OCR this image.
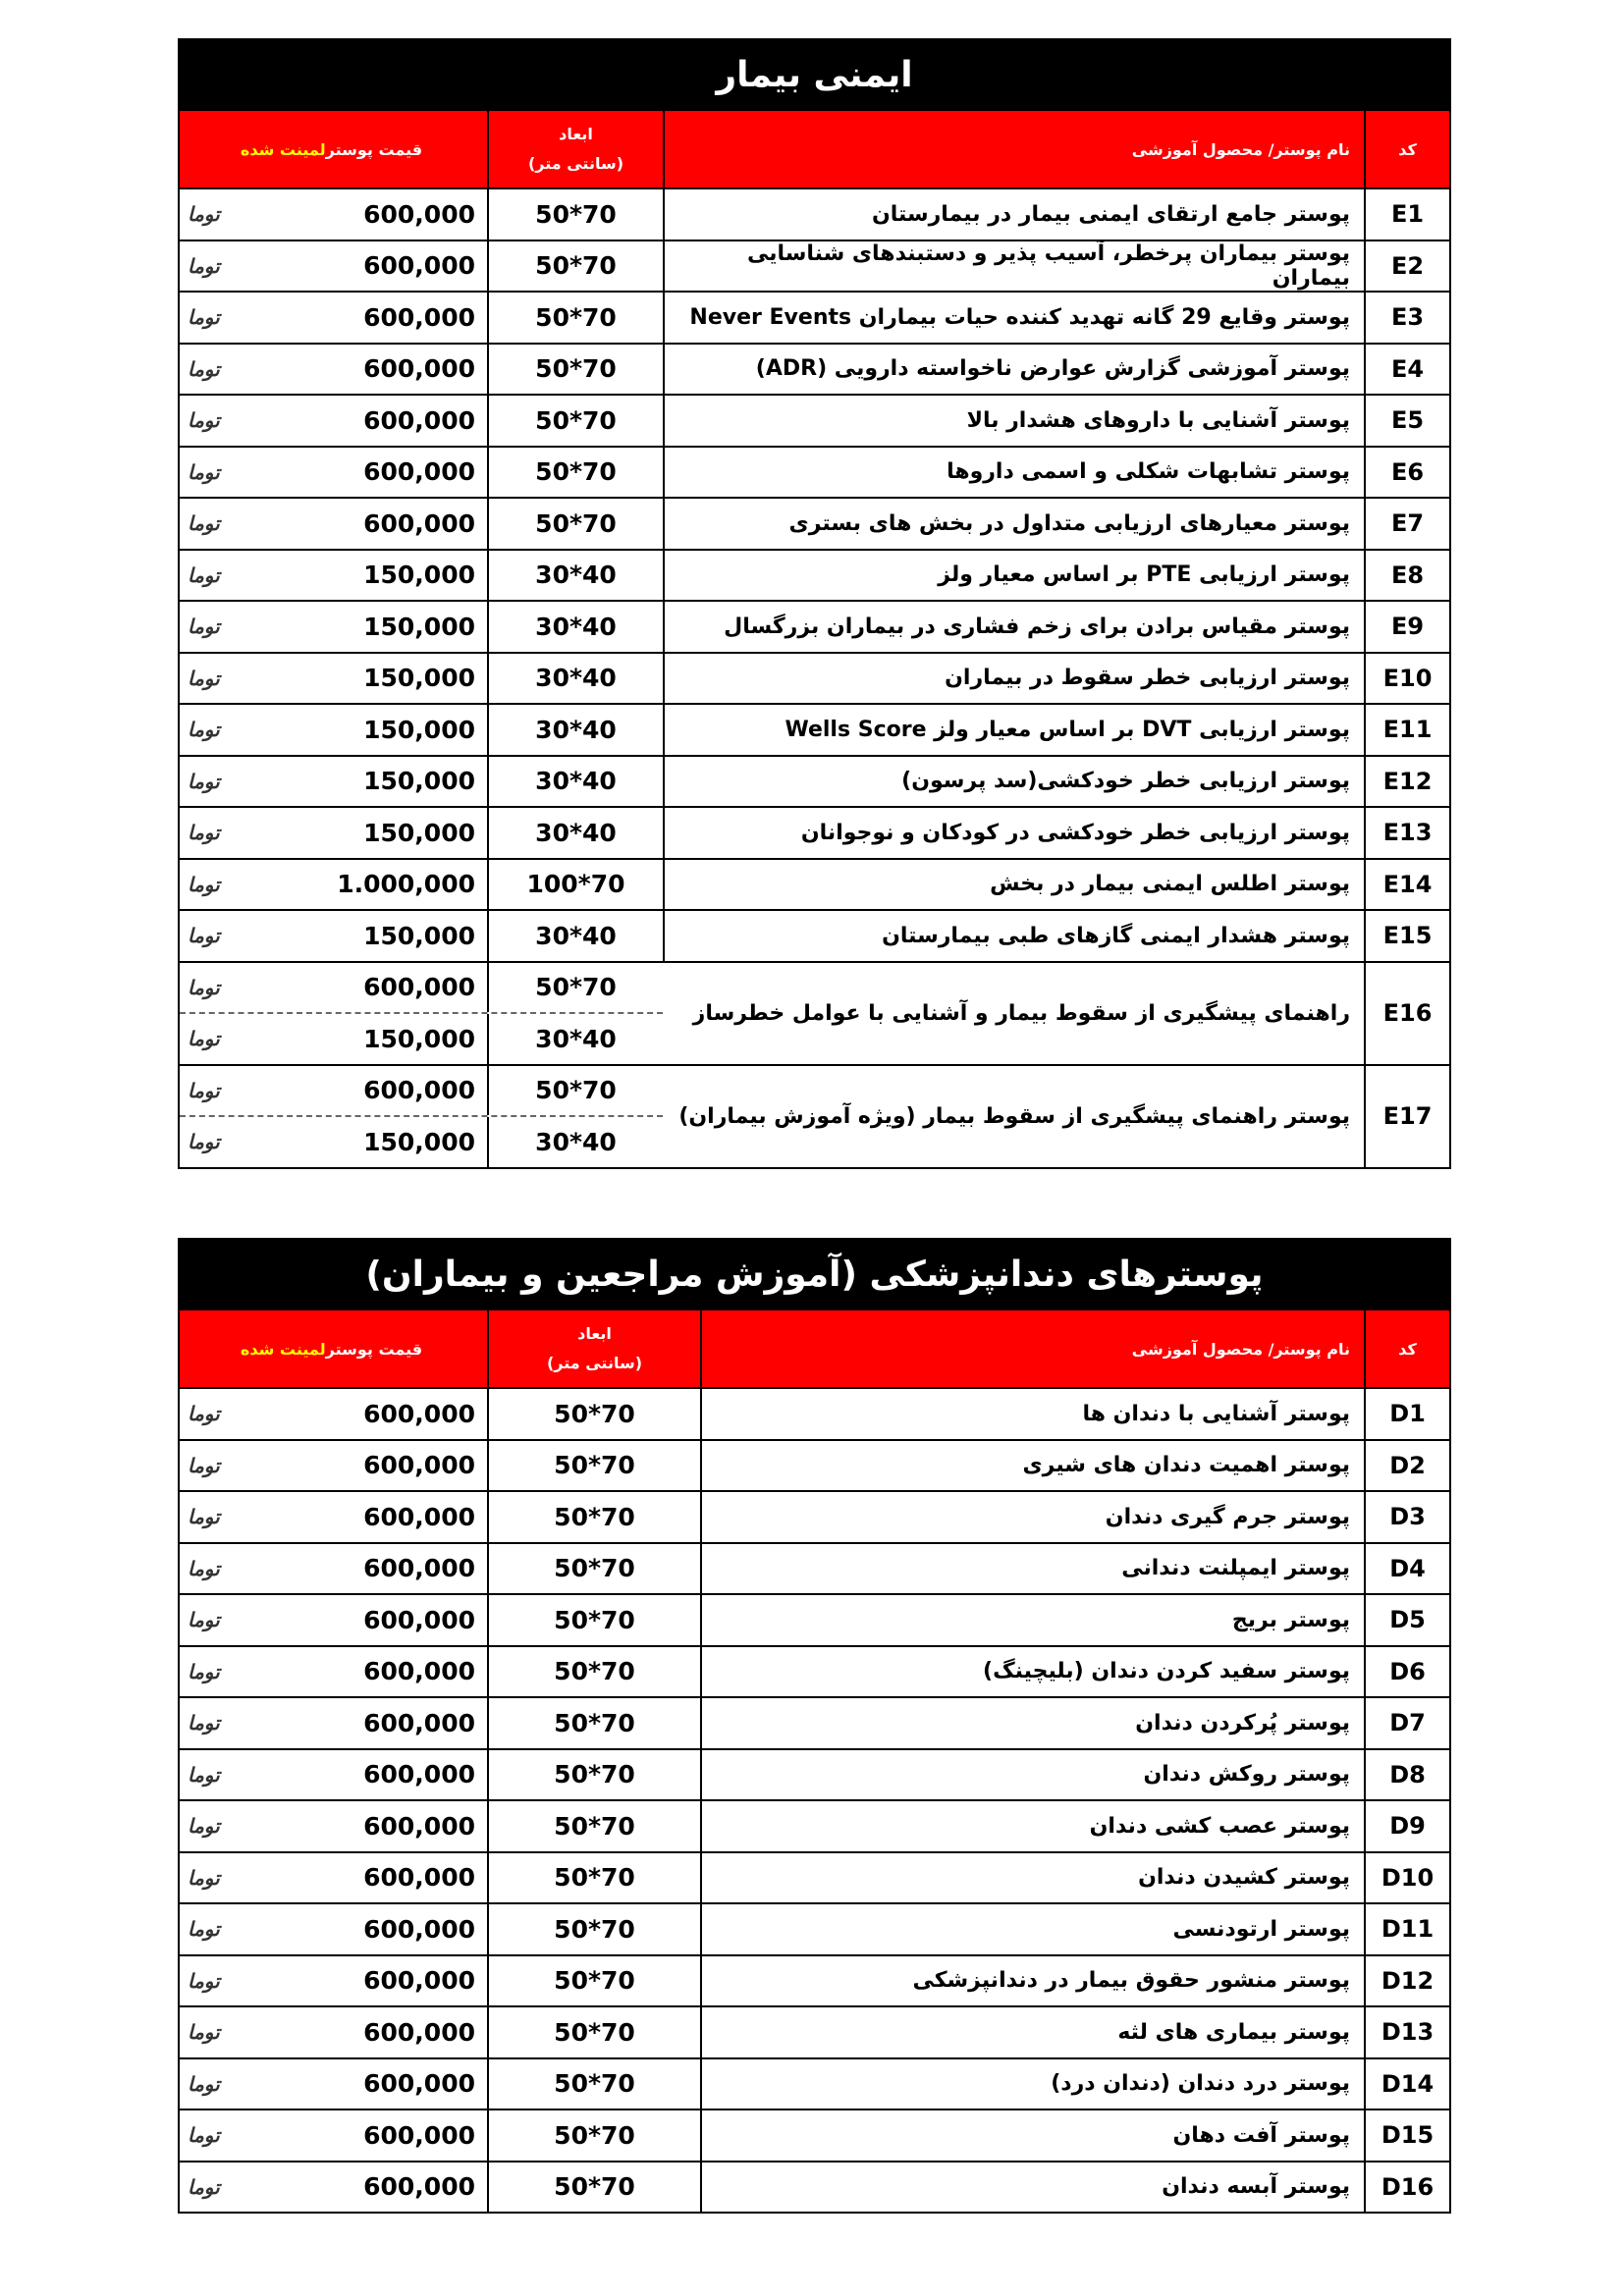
ایمنی بیمار
کد
نام پوستر/ محصول آموزشی
ابعاد
(سانتی متر)
قیمت پوستر
لمینت شده
E1
پوستر جامع ارتقای ایمنی بیمار در بیمارستان
50*70
توما	600,000
E2
پوستر بیماران پرخطر، آسیب پذیر و دستبندهای شناسایی بیماران
50*70
توما	600,000
E3
پوستر وقایع 29 گانه تهدید کننده حیات بیماران Never Events
50*70
توما	600,000
E4
پوستر آموزشی گزارش عوارض ناخواسته دارویی (ADR)
50*70
توما	600,000
E5
پوستر آشنایی با داروهای هشدار بالا
50*70
توما	600,000
E6
پوستر تشابهات شکلی و اسمی داروها
50*70
توما	600,000
E7
پوستر معیارهای ارزیابی متداول در بخش های بستری
50*70
توما	600,000
E8
پوستر ارزیابی PTE بر اساس معیار ولز
30*40
توما	150,000
E9
پوستر مقیاس برادن برای زخم فشاری در بیماران بزرگسال
30*40
توما	150,000
E10
پوستر ارزیابی خطر سقوط در بیماران
30*40
توما	150,000
E11
پوستر ارزیابی DVT بر اساس معیار ولز Wells Score
30*40
توما	150,000
E12
پوستر ارزیابی خطر خودکشی(سد پرسون)
30*40
توما	150,000
E13
پوستر ارزیابی خطر خودکشی در کودکان و نوجوانان
30*40
توما	150,000
E14
پوستر اطلس ایمنی بیمار در بخش
100*70
توما	1.000,000
E15
پوستر هشدار ایمنی گازهای طبی بیمارستان
30*40
توما	150,000
E16
راهنمای پیشگیری از سقوط بیمار و آشنایی با عوامل خطرساز
50*70
توما	600,000
30*40
توما	150,000
E17
پوستر راهنمای پیشگیری از سقوط بیمار (ویژه آموزش بیماران)
50*70
توما	600,000
30*40
توما	150,000
پوسترهای دندانپزشکی (آموزش مراجعین و بیماران)
کد
نام پوستر/ محصول آموزشی
ابعاد
(سانتی متر)
قیمت پوستر
لمینت شده
D1
پوستر آشنایی با دندان ها
50*70
توما	600,000
D2
پوستر اهمیت دندان های شیری
50*70
توما	600,000
D3
پوستر جرم گیری دندان
50*70
توما	600,000
D4
پوستر ایمپلنت دندانی
50*70
توما	600,000
D5
پوستر بریج
50*70
توما	600,000
D6
پوستر سفید کردن دندان (بلیچینگ)
50*70
توما	600,000
D7
پوستر پُرکردن دندان
50*70
توما	600,000
D8
پوستر روکش دندان
50*70
توما	600,000
D9
پوستر عصب کشی دندان
50*70
توما	600,000
D10
پوستر کشیدن دندان
50*70
توما	600,000
D11
پوستر ارتودنسی
50*70
توما	600,000
D12
پوستر منشور حقوق بیمار در دندانپزشکی
50*70
توما	600,000
D13
پوستر بیماری های لثه
50*70
توما	600,000
D14
پوستر درد دندان (دندان درد)
50*70
توما	600,000
D15
پوستر آفت دهان
50*70
توما	600,000
D16
پوستر آبسه دندان
50*70
توما	600,000
